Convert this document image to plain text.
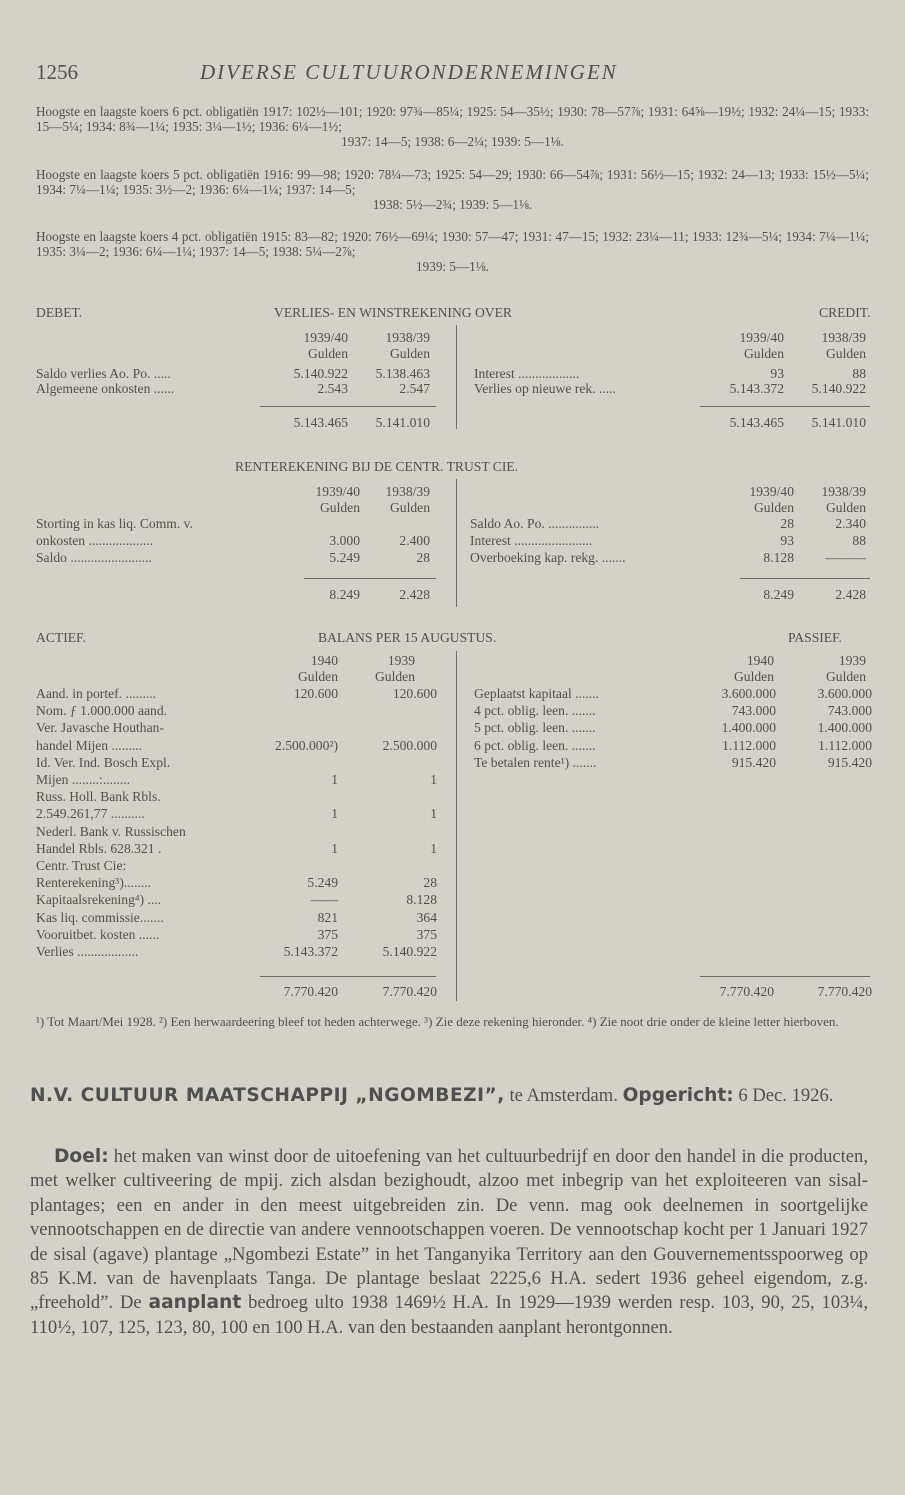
1256	DIVERSE CULTUURONDERNEMINGEN
Hoogste en laagste koers 6 pct. obligatiën 1917: 102½—101; 1920: 97¾—85¼; 1925: 54—35½; 1930: 78—57⅞; 1931: 64⅝—19½; 1932: 24¼—15; 1933: 15—5¼; 1934: 8¾—1¼; 1935: 3¼—1½; 1936: 6¼—1½;
1937: 14—5; 1938: 6—2¼; 1939: 5—1⅛.
Hoogste en laagste koers 5 pct. obligatiën 1916: 99—98; 1920: 78¼—73; 1925: 54—29; 1930: 66—54⅞; 1931: 56½—15; 1932: 24—13; 1933: 15½—5¼; 1934: 7¼—1¼; 1935: 3½—2; 1936: 6¼—1¼; 1937: 14—5;
1938: 5½—2¾; 1939: 5—1⅛.
Hoogste en laagste koers 4 pct. obligatiën 1915: 83—82; 1920: 76½—69¼; 1930: 57—47; 1931: 47—15; 1932: 23¼—11; 1933: 12¾—5¼; 1934: 7¼—1¼; 1935: 3¼—2; 1936: 6¼—1¼; 1937: 14—5; 1938: 5¼—2⅞;
1939: 5—1⅛.
DEBET.	VERLIES- EN WINSTREKENING OVER	CREDIT.
1939/40	1938/39
Gulden	Gulden
1939/40	1938/39
Gulden	Gulden
Saldo verlies Ao. Po. .....	5.140.922	5.138.463
Algemeene onkosten ......	2.543	2.547
Interest ..................	93	88
Verlies op nieuwe rek. .....	5.143.372	5.140.922
5.143.465	5.141.010	5.143.465	5.141.010
RENTEREKENING BIJ DE CENTR. TRUST CIE.
1939/40	1938/39
Gulden	Gulden
1939/40	1938/39
Gulden	Gulden
Storting in kas liq. Comm. v.
onkosten ...................	3.000	2.400
Saldo ........................	5.249	28
Saldo Ao. Po. ...............	28	2.340
Interest .......................	93	88
Overboeking kap. rekg. .......	8.128	———
8.249	2.428	8.249	2.428
ACTIEF.	BALANS PER 15 AUGUSTUS.	PASSIEF.
1940	1939
Gulden	Gulden
1940	1939
Gulden	Gulden
Aand. in portef. .........	120.600	120.600
Nom. ƒ 1.000.000 aand.
Ver. Javasche Houthan-
handel Mijen .........	2.500.000²)	2.500.000
Id. Ver. Ind. Bosch Expl.
Mijen ........:........	1	1
Russ. Holl. Bank Rbls.
2.549.261,77 ..........	1	1
Nederl. Bank v. Russischen
Handel Rbls. 628.321 .	1	1
Centr. Trust Cie:
Renterekening³)........	5.249	28
Kapitaalsrekening⁴) ....	——	8.128
Kas liq. commissie.......	821	364
Vooruitbet. kosten ......	375	375
Verlies ..................	5.143.372	5.140.922
Geplaatst kapitaal .......	3.600.000	3.600.000
4 pct. oblig. leen. .......	743.000	743.000
5 pct. oblig. leen. .......	1.400.000	1.400.000
6 pct. oblig. leen. .......	1.112.000	1.112.000
Te betalen rente¹) .......	915.420	915.420
7.770.420	7.770.420	7.770.420	7.770.420
¹) Tot Maart/Mei 1928. ²) Een herwaardeering bleef tot heden achterwege. ³) Zie deze rekening hieronder. ⁴) Zie noot drie onder de kleine letter hierboven.
N.V. CULTUUR MAATSCHAPPIJ „NGOMBEZI”, te Amsterdam. Opgericht: 6 Dec. 1926.
Doel: het maken van winst door de uitoefening van het cultuurbedrijf en door den handel in die producten, met welker cultiveering de mpij. zich alsdan bezighoudt, alzoo met inbegrip van het exploiteeren van sisal-plantages; een en ander in den meest uitgebreiden zin. De venn. mag ook deelnemen in soortgelijke vennootschappen en de directie van andere vennootschappen voeren. De vennootschap kocht per 1 Januari 1927 de sisal (agave) plantage „Ngombezi Estate” in het Tanganyika Territory aan den Gouvernementsspoorweg op 85 K.M. van de havenplaats Tanga. De plantage beslaat 2225,6 H.A. sedert 1936 geheel eigendom, z.g. „freehold”. De aanplant bedroeg ulto 1938 1469½ H.A. In 1929—1939 werden resp. 103, 90, 25, 103¼, 110½, 107, 125, 123, 80, 100 en 100 H.A. van den bestaanden aanplant herontgonnen.
